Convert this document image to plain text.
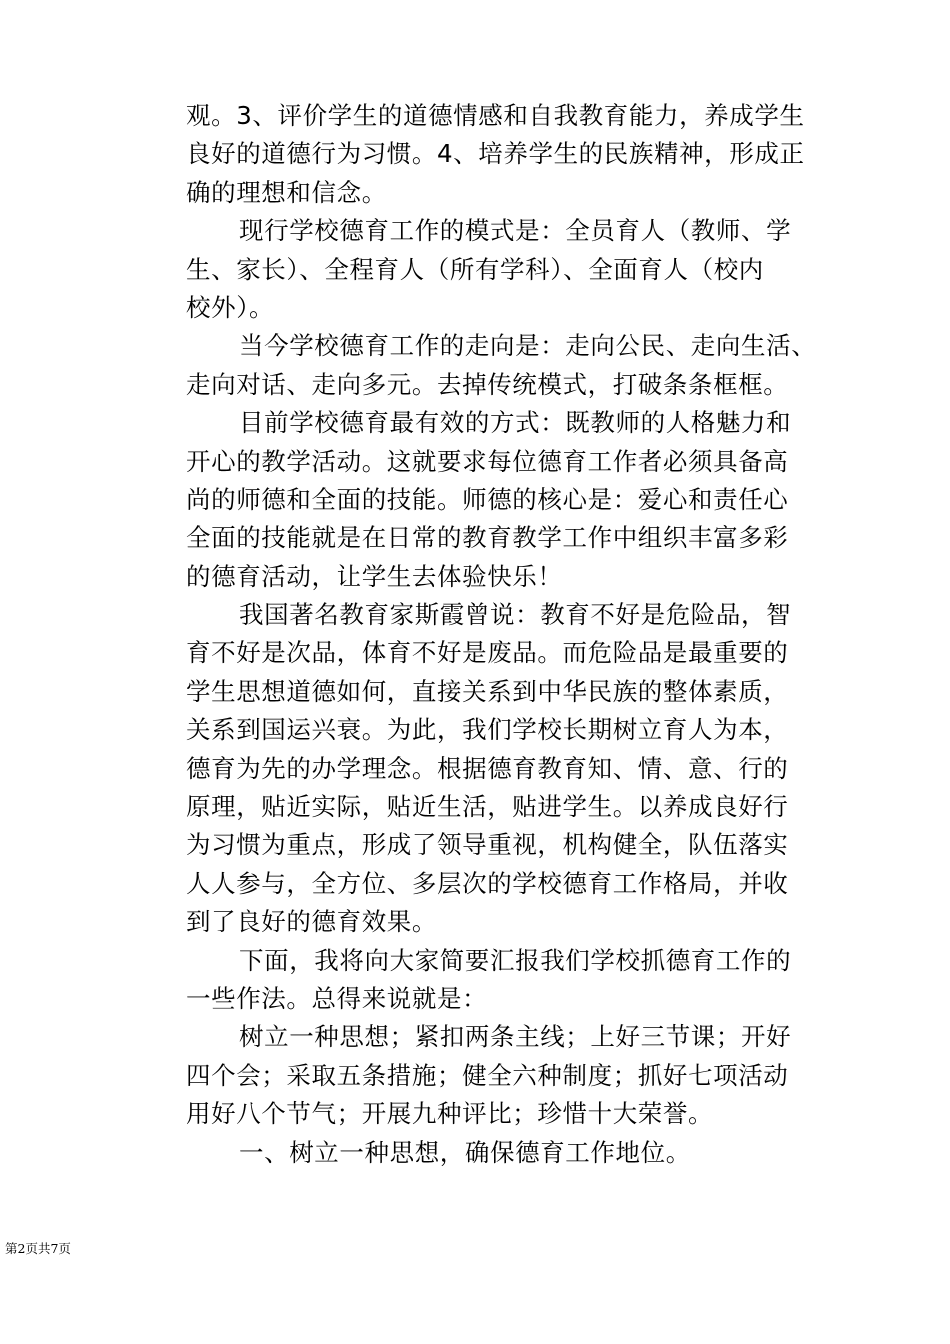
观。3、评价学生的道德情感和自我教育能力，养成学生
良好的道德行为习惯。4、培养学生的民族精神，形成正
确的理想和信念。

现行学校德育工作的模式是：全员育人（教师、学
生、家长）、全程育人（所有学科）、全面育人（校内
校外）。

当今学校德育工作的走向是：走向公民、走向生活、
走向对话、走向多元。去掉传统模式，打破条条框框。

目前学校德育最有效的方式：既教师的人格魅力和
开心的教学活动。这就要求每位德育工作者必须具备高
尚的师德和全面的技能。师德的核心是：爱心和责任心
全面的技能就是在日常的教育教学工作中组织丰富多彩
的德育活动，让学生去体验快乐！

我国著名教育家斯霞曾说：教育不好是危险品，智
育不好是次品，体育不好是废品。而危险品是最重要的
学生思想道德如何，直接关系到中华民族的整体素质，
关系到国运兴衰。为此，我们学校长期树立育人为本，
德育为先的办学理念。根据德育教育知、情、意、行的
原理，贴近实际，贴近生活，贴进学生。以养成良好行
为习惯为重点，形成了领导重视，机构健全，队伍落实
人人参与，全方位、多层次的学校德育工作格局，并收
到了良好的德育效果。

下面，我将向大家简要汇报我们学校抓德育工作的
一些作法。总得来说就是：

树立一种思想；紧扣两条主线；上好三节课；开好
四个会；采取五条措施；健全六种制度；抓好七项活动
用好八个节气；开展九种评比；珍惜十大荣誉。

一、树立一种思想，确保德育工作地位。

第2页共7页
